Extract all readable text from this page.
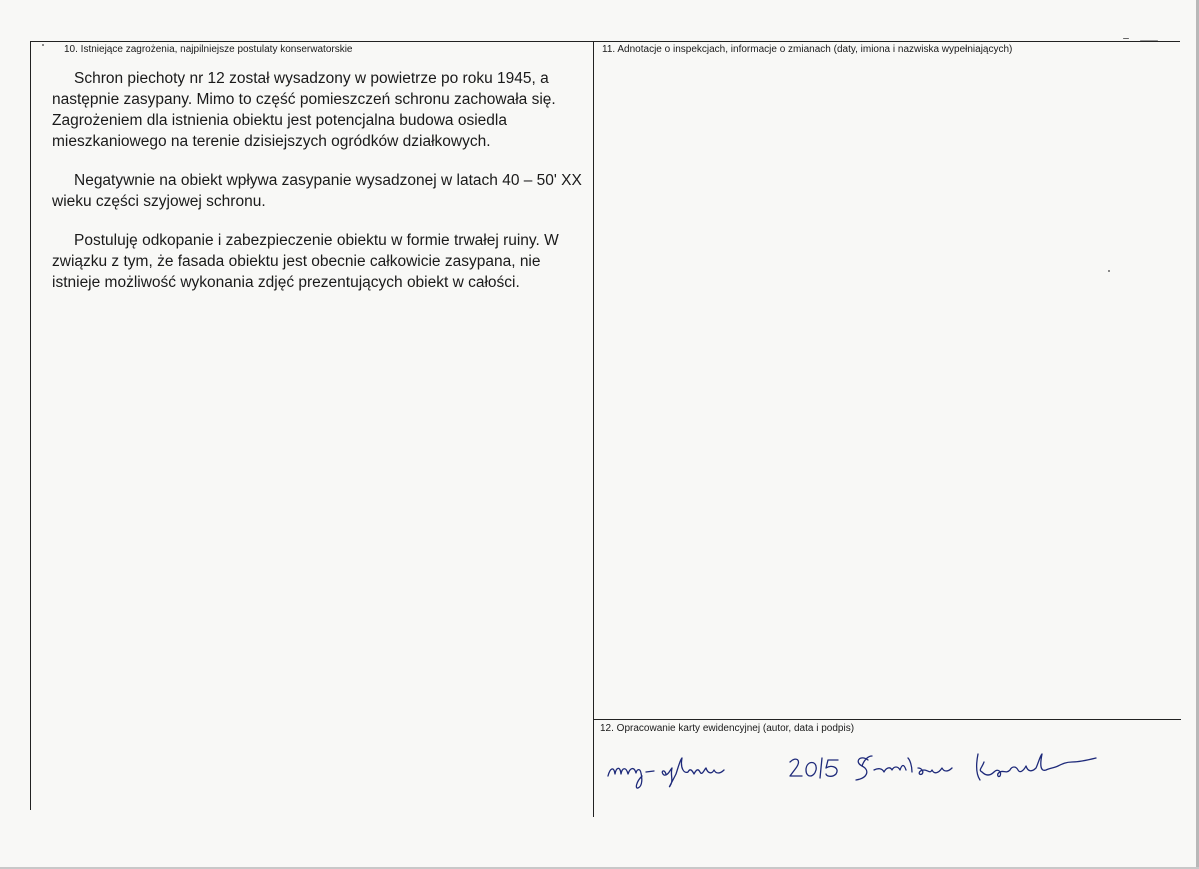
10. Istniejące zagrożenia, najpilniejsze postulaty konserwatorskie

Schron piechoty nr 12 został wysadzony w powietrze po roku 1945, a następnie zasypany. Mimo to część pomieszczeń schronu zachowała się. Zagrożeniem dla istnienia obiektu jest potencjalna budowa osiedla mieszkaniowego na terenie dzisiejszych ogródków działkowych.

Negatywnie na obiekt wpływa zasypanie wysadzonej w latach 40 – 50' XX wieku części szyjowej schronu.

Postuluję odkopanie i zabezpieczenie obiektu w formie trwałej ruiny. W związku z tym, że fasada obiektu jest obecnie całkowicie zasypana, nie istnieje możliwość wykonania zdjęć prezentujących obiekt w całości.

11. Adnotacje o inspekcjach, informacje o zmianach (daty, imiona i nazwiska wypełniających)
12. Opracowanie karty ewidencyjnej (autor, data i podpis)
